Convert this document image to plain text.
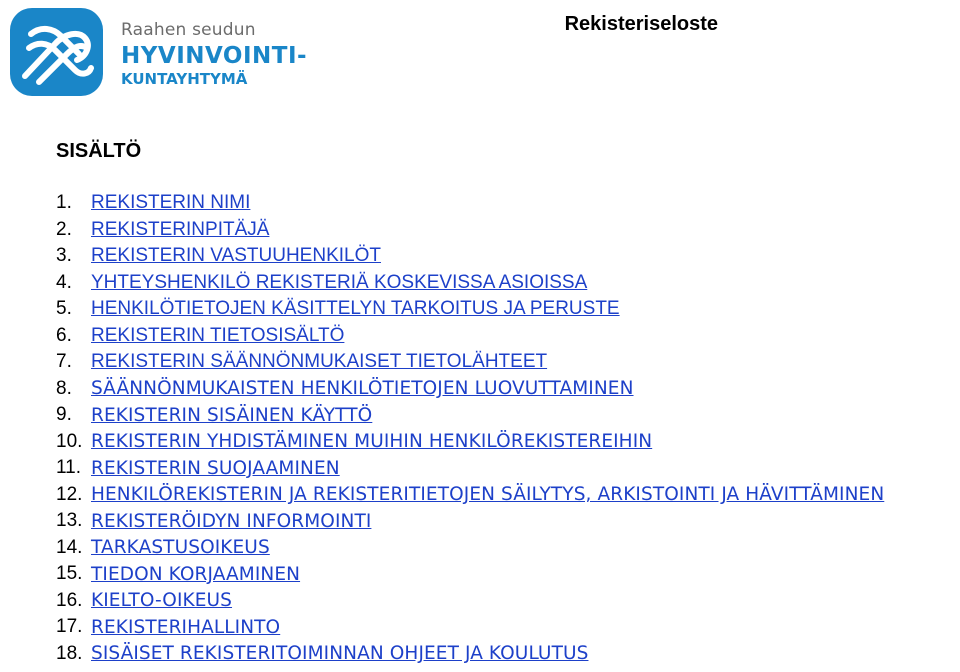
Raahen seudun
HYVINVOINTI-
KUNTAYHTYMÄ
Rekisteriseloste
SISÄLTÖ
1.	REKISTERIN NIMI
2.	REKISTERINPITÄJÄ
3.	REKISTERIN VASTUUHENKILÖT
4.	YHTEYSHENKILÖ REKISTERIÄ KOSKEVISSA ASIOISSA
5.	HENKILÖTIETOJEN KÄSITTELYN TARKOITUS JA PERUSTE
6.	REKISTERIN TIETOSISÄLTÖ
7.	REKISTERIN SÄÄNNÖNMUKAISET TIETOLÄHTEET
8.	SÄÄNNÖNMUKAISTEN HENKILÖTIETOJEN LUOVUTTAMINEN
9.	REKISTERIN SISÄINEN KÄYTTÖ
10. REKISTERIN YHDISTÄMINEN MUIHIN HENKILÖREKISTEREIHIN
11. REKISTERIN SUOJAAMINEN
12. HENKILÖREKISTERIN JA REKISTERITIETOJEN SÄILYTYS, ARKISTOINTI JA HÄVITTÄMINEN
13. REKISTERÖIDYN INFORMOINTI
14. TARKASTUSOIKEUS
15. TIEDON KORJAAMINEN
16. KIELTO-OIKEUS
17. REKISTERIHALLINTO
18. SISÄISET REKISTERITOIMINNAN OHJEET JA KOULUTUS
